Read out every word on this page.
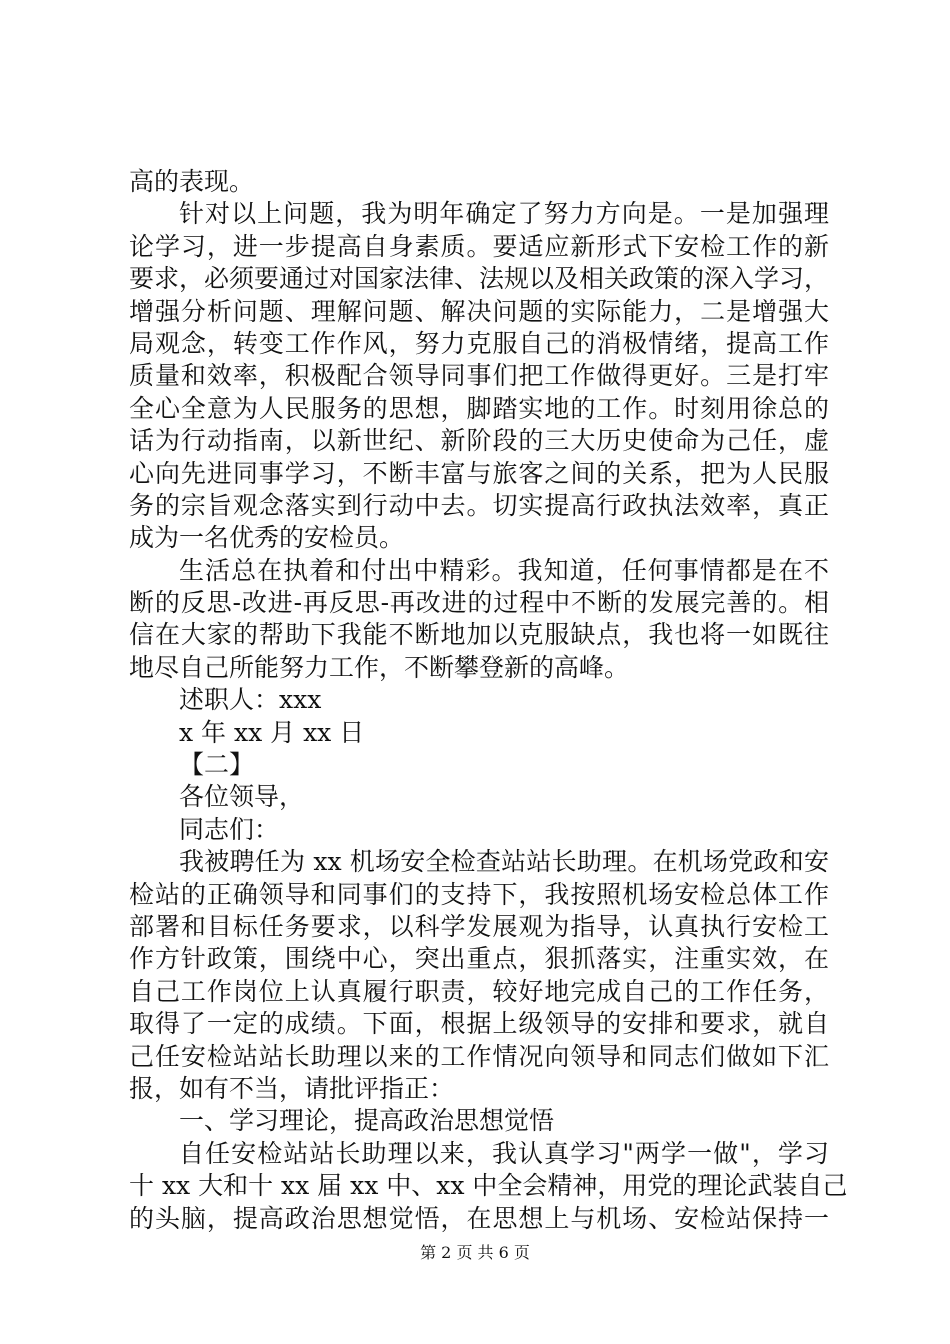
高的表现。
针对以上问题，我为明年确定了努力方向是。一是加强理
论学习，进一步提高自身素质。要适应新形式下安检工作的新
要求，必须要通过对国家法律、法规以及相关政策的深入学习，
增强分析问题、理解问题、解决问题的实际能力，二是增强大
局观念，转变工作作风，努力克服自己的消极情绪，提高工作
质量和效率，积极配合领导同事们把工作做得更好。三是打牢
全心全意为人民服务的思想，脚踏实地的工作。时刻用徐总的
话为行动指南，以新世纪、新阶段的三大历史使命为己任，虚
心向先进同事学习，不断丰富与旅客之间的关系，把为人民服
务的宗旨观念落实到行动中去。切实提高行政执法效率，真正
成为一名优秀的安检员。
生活总在执着和付出中精彩。我知道，任何事情都是在不
断的反思-改进-再反思-再改进的过程中不断的发展完善的。相
信在大家的帮助下我能不断地加以克服缺点，我也将一如既往
地尽自己所能努力工作，不断攀登新的高峰。
述职人：xxx
x 年 xx 月 xx 日
【二】
各位领导，
同志们：
我被聘任为 xx 机场安全检查站站长助理。在机场党政和安
检站的正确领导和同事们的支持下，我按照机场安检总体工作
部署和目标任务要求，以科学发展观为指导，认真执行安检工
作方针政策，围绕中心，突出重点，狠抓落实，注重实效，在
自己工作岗位上认真履行职责，较好地完成自己的工作任务，
取得了一定的成绩。下面，根据上级领导的安排和要求，就自
己任安检站站长助理以来的工作情况向领导和同志们做如下汇
报，如有不当，请批评指正：
一、学习理论，提高政治思想觉悟
自任安检站站长助理以来，我认真学习"两学一做"，学习
十 xx 大和十 xx 届 xx 中、xx 中全会精神，用党的理论武装自己
的头脑，提高政治思想觉悟，在思想上与机场、安检站保持一
第 2 页 共 6 页
